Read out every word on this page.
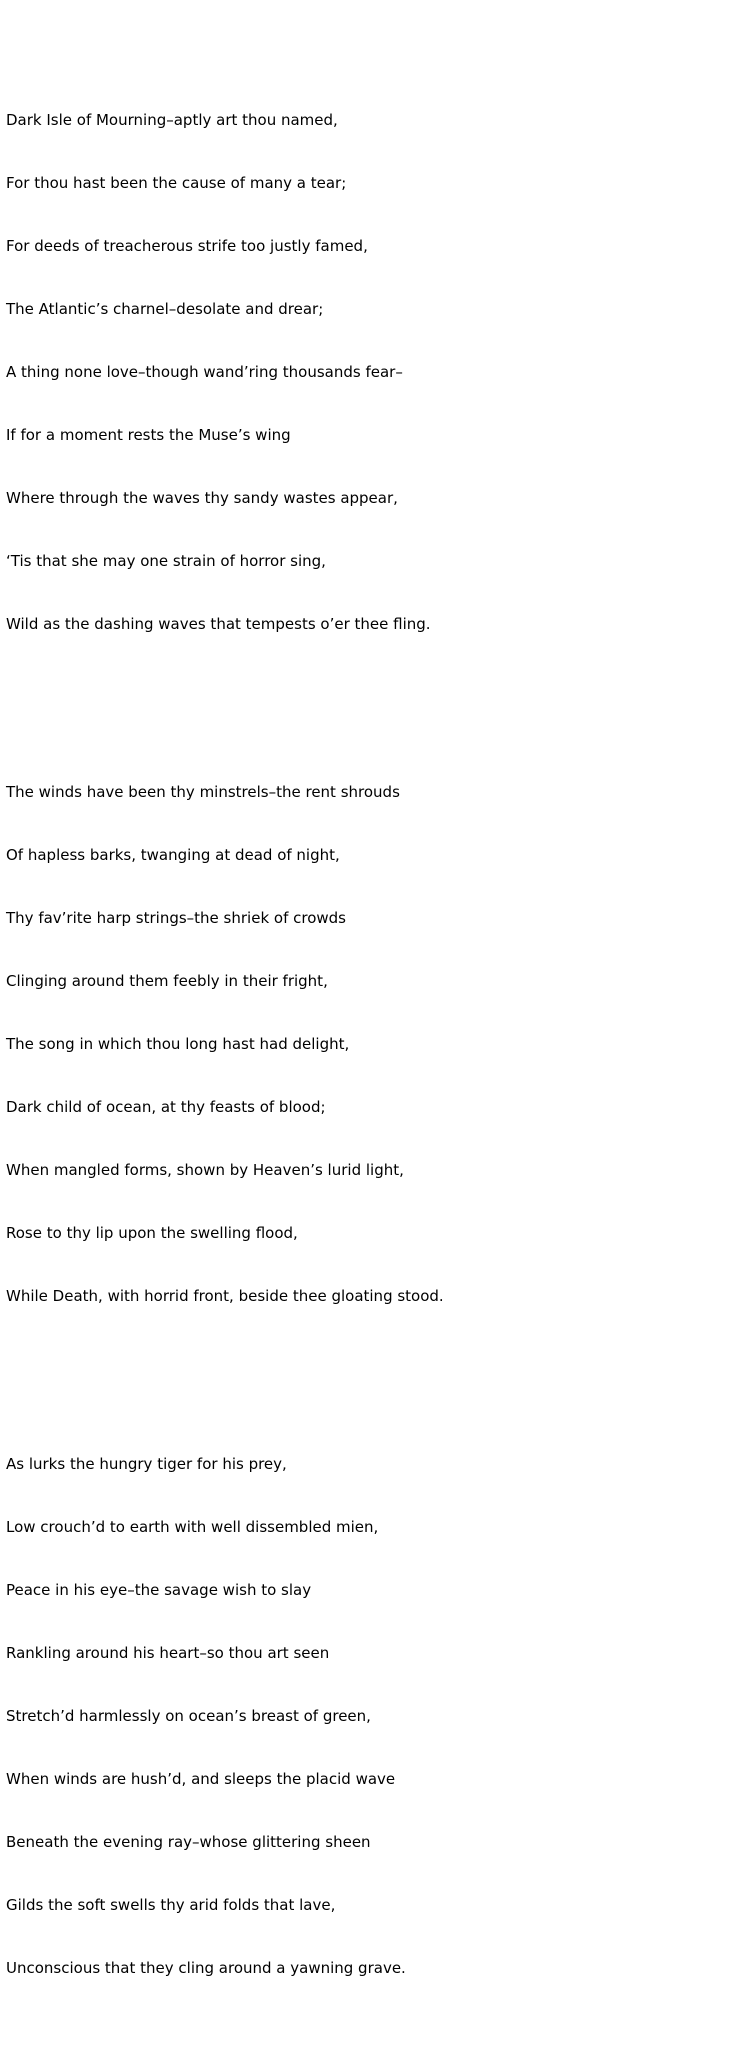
Dark Isle of Mourning–aptly art thou named,

For thou hast been the cause of many a tear;

For deeds of treacherous strife too justly famed,

The Atlantic’s charnel–desolate and drear;

A thing none love–though wand’ring thousands fear–

If for a moment rests the Muse’s wing

Where through the waves thy sandy wastes appear,

‘Tis that she may one strain of horror sing,

Wild as the dashing waves that tempests o’er thee fling.

The winds have been thy minstrels–the rent shrouds

Of hapless barks, twanging at dead of night,

Thy fav’rite harp strings–the shriek of crowds

Clinging around them feebly in their fright,

The song in which thou long hast had delight,

Dark child of ocean, at thy feasts of blood;

When mangled forms, shown by Heaven’s lurid light,

Rose to thy lip upon the swelling flood,

While Death, with horrid front, beside thee gloating stood.

As lurks the hungry tiger for his prey,

Low crouch’d to earth with well dissembled mien,

Peace in his eye–the savage wish to slay

Rankling around his heart–so thou art seen

Stretch’d harmlessly on ocean’s breast of green,

When winds are hush’d, and sleeps the placid wave

Beneath the evening ray–whose glittering sheen

Gilds the soft swells thy arid folds that lave,

Unconscious that they cling around a yawning grave.
